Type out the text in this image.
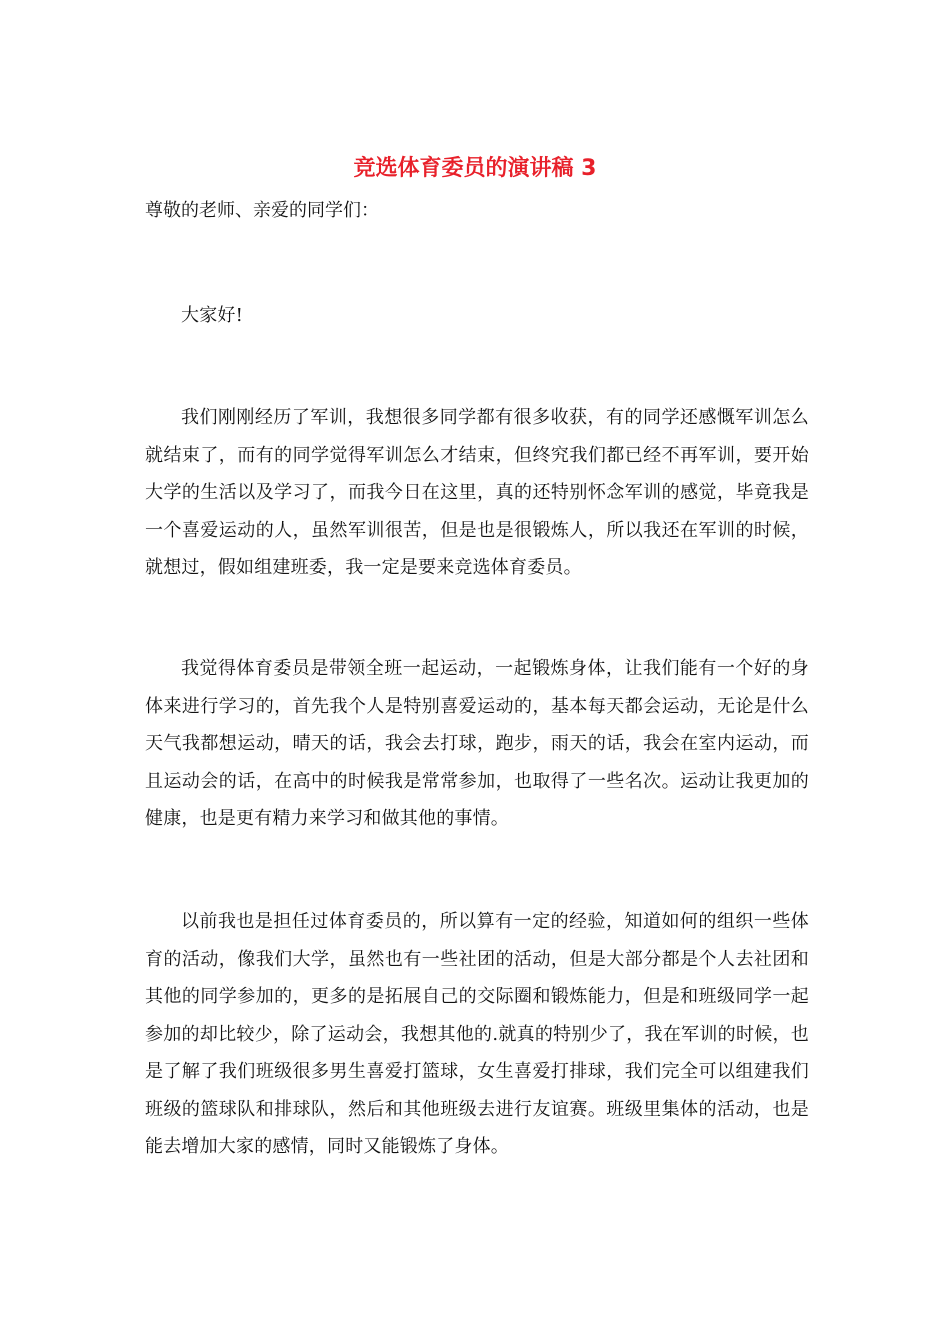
竞选体育委员的演讲稿 3

尊敬的老师、亲爱的同学们：

大家好!

我们刚刚经历了军训，我想很多同学都有很多收获，有的同学还感慨军训怎么就结束了，而有的同学觉得军训怎么才结束，但终究我们都已经不再军训，要开始大学的生活以及学习了，而我今日在这里，真的还特别怀念军训的感觉，毕竟我是一个喜爱运动的人，虽然军训很苦，但是也是很锻炼人，所以我还在军训的时候，就想过，假如组建班委，我一定是要来竞选体育委员。

我觉得体育委员是带领全班一起运动，一起锻炼身体，让我们能有一个好的身体来进行学习的，首先我个人是特别喜爱运动的，基本每天都会运动，无论是什么天气我都想运动，晴天的话，我会去打球，跑步，雨天的话，我会在室内运动，而且运动会的话，在高中的时候我是常常参加，也取得了一些名次。运动让我更加的健康，也是更有精力来学习和做其他的事情。

以前我也是担任过体育委员的，所以算有一定的经验，知道如何的组织一些体育的活动，像我们大学，虽然也有一些社团的活动，但是大部分都是个人去社团和其他的同学参加的，更多的是拓展自己的交际圈和锻炼能力，但是和班级同学一起参加的却比较少，除了运动会，我想其他的.就真的特别少了，我在军训的时候，也是了解了我们班级很多男生喜爱打篮球，女生喜爱打排球，我们完全可以组建我们班级的篮球队和排球队，然后和其他班级去进行友谊赛。班级里集体的活动，也是能去增加大家的感情，同时又能锻炼了身体。
